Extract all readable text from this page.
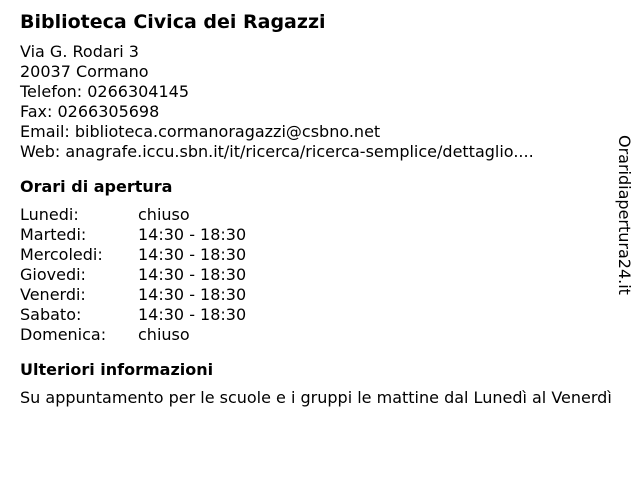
Biblioteca Civica dei Ragazzi
Via G. Rodari 3
20037 Cormano
Telefon: 0266304145
Fax: 0266305698
Email: biblioteca.cormanoragazzi@csbno.net
Web: anagrafe.iccu.sbn.it/it/ricerca/ricerca-semplice/dettaglio....
Orari di apertura
Lunedi:	chiuso
Martedi:	14:30 - 18:30
Mercoledi:	14:30 - 18:30
Giovedi:	14:30 - 18:30
Venerdi:	14:30 - 18:30
Sabato:	14:30 - 18:30
Domenica:	chiuso
Ulteriori informazioni
Su appuntamento per le scuole e i gruppi le mattine dal Lunedì al Venerdì
Oraridiapertura24.it
